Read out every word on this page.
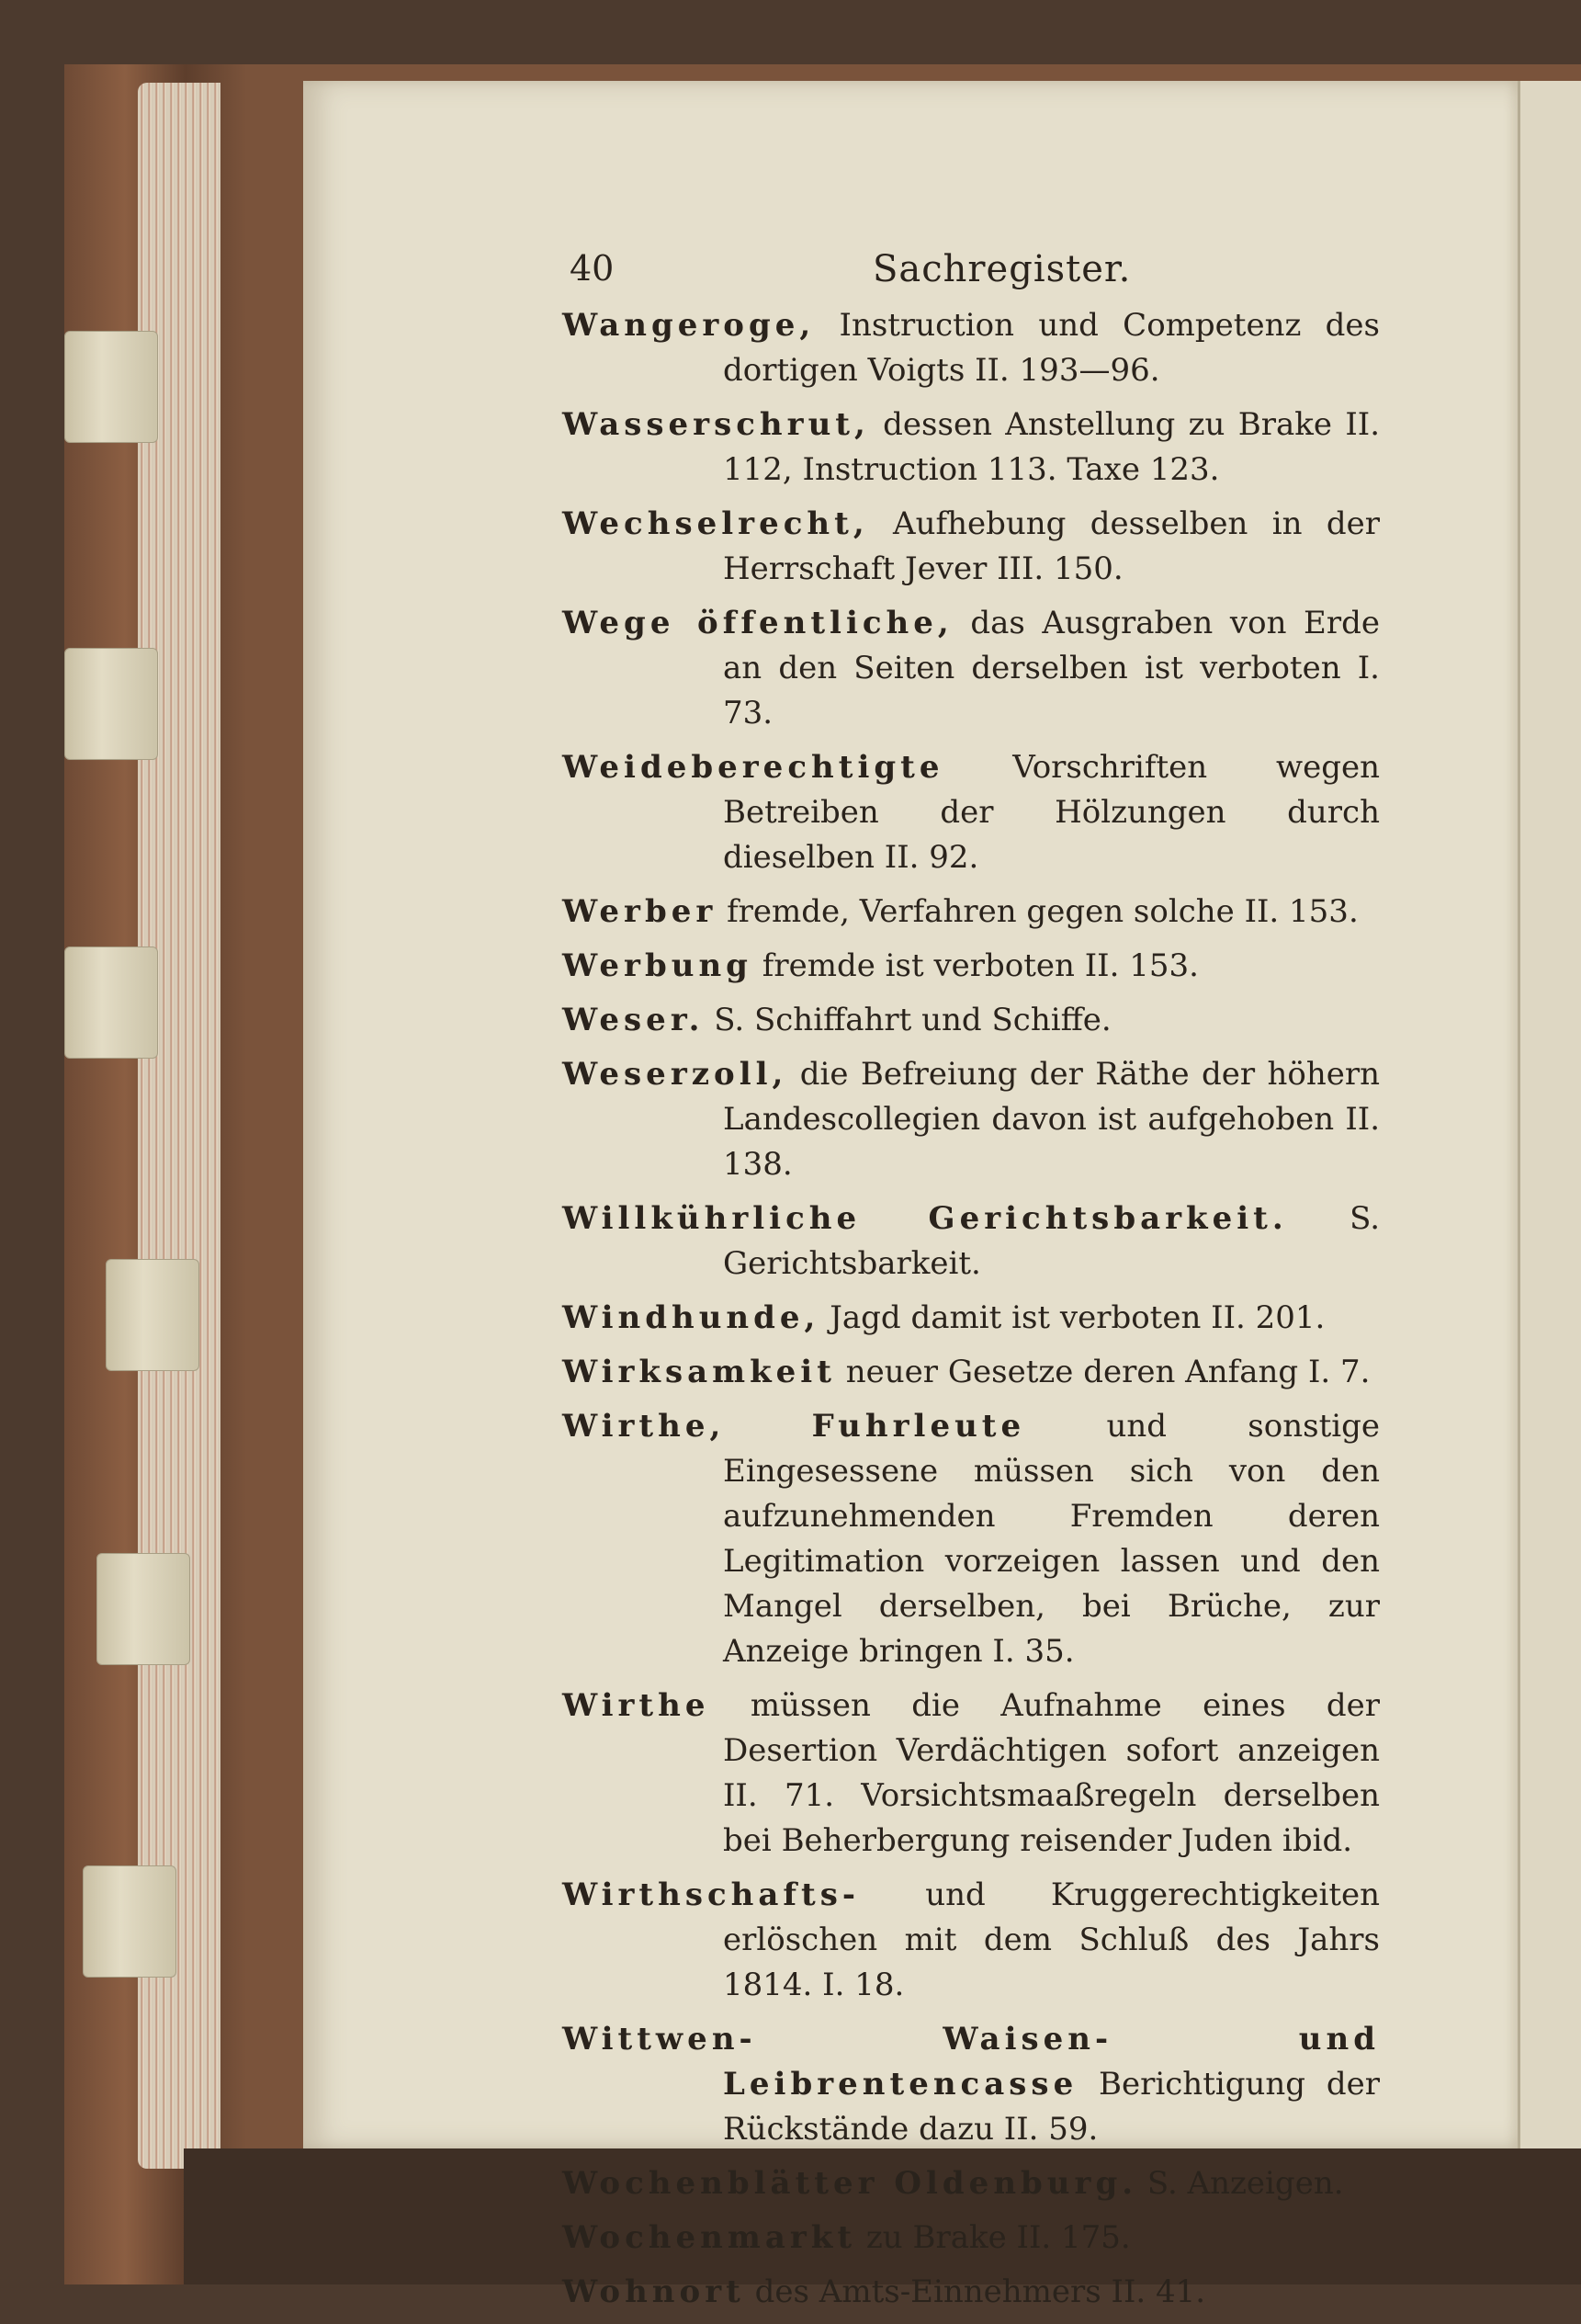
40	Sachregister.

Wangeroge, Instruction und Competenz des dortigen Voigts II. 193—96.

Wasserschrut, dessen Anstellung zu Brake II. 112, Instruction 113. Taxe 123.

Wechselrecht, Aufhebung desselben in der Herrschaft Jever III. 150.

Wege öffentliche, das Ausgraben von Erde an den Seiten derselben ist verboten I. 73.

Weideberechtigte Vorschriften wegen Betreiben der Hölzungen durch dieselben II. 92.

Werber fremde, Verfahren gegen solche II. 153.

Werbung fremde ist verboten II. 153.

Weser. S. Schiffahrt und Schiffe.

Weserzoll, die Befreiung der Räthe der höhern Landescollegien davon ist aufgehoben II. 138.

Willkührliche Gerichtsbarkeit. S. Gerichtsbarkeit.

Windhunde, Jagd damit ist verboten II. 201.

Wirksamkeit neuer Gesetze deren Anfang I. 7.

Wirthe, Fuhrleute	und sonstige Eingesessene müssen sich von den aufzunehmenden Fremden deren Legitimation vorzeigen lassen und den Mangel derselben, bei Brüche, zur Anzeige bringen I. 35.

Wirthe müssen die Aufnahme eines der Desertion Verdächtigen sofort anzeigen II. 71. Vorsichtsmaaßregeln derselben bei Beherbergung reisender Juden ibid.

Wirthschafts- und Kruggerechtigkeiten erlöschen mit dem Schluß des Jahrs 1814. I. 18.

Wittwen- Waisen- und Leibrentencasse Berichtigung der Rückstände dazu II. 59.

Wochenblätter Oldenburg. S. Anzeigen.

Wochenmarkt zu Brake II. 175.

Wohnort des Amts-Einnehmers II. 41.
